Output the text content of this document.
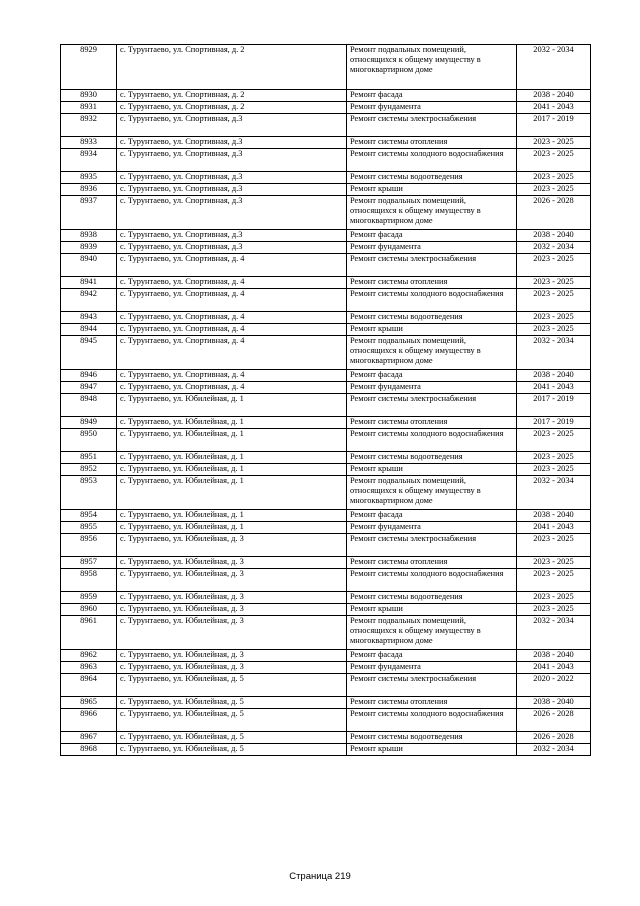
8929	с. Турунтаево, ул. Спортивная, д. 2	Ремонт подвальных помещений, относящихся к общему имуществу в многоквартирном доме	2032 - 2034
8930	с. Турунтаево, ул. Спортивная, д. 2	Ремонт фасада	2038 - 2040
8931	с. Турунтаево, ул. Спортивная, д. 2	Ремонт фундамента	2041 - 2043
8932	с. Турунтаево, ул. Спортивная, д.3	Ремонт системы электроснабжения	2017 - 2019
8933	с. Турунтаево, ул. Спортивная, д.3	Ремонт системы отопления	2023 - 2025
8934	с. Турунтаево, ул. Спортивная, д.3	Ремонт системы холодного водоснабжения	2023 - 2025
8935	с. Турунтаево, ул. Спортивная, д.3	Ремонт системы водоотведения	2023 - 2025
8936	с. Турунтаево, ул. Спортивная, д.3	Ремонт крыши	2023 - 2025
8937	с. Турунтаево, ул. Спортивная, д.3	Ремонт подвальных помещений, относящихся к общему имуществу в многоквартирном доме	2026 - 2028
8938	с. Турунтаево, ул. Спортивная, д.3	Ремонт фасада	2038 - 2040
8939	с. Турунтаево, ул. Спортивная, д.3	Ремонт фундамента	2032 - 2034
8940	с. Турунтаево, ул. Спортивная, д. 4	Ремонт системы электроснабжения	2023 - 2025
8941	с. Турунтаево, ул. Спортивная, д. 4	Ремонт системы отопления	2023 - 2025
8942	с. Турунтаево, ул. Спортивная, д. 4	Ремонт системы холодного водоснабжения	2023 - 2025
8943	с. Турунтаево, ул. Спортивная, д. 4	Ремонт системы водоотведения	2023 - 2025
8944	с. Турунтаево, ул. Спортивная, д. 4	Ремонт крыши	2023 - 2025
8945	с. Турунтаево, ул. Спортивная, д. 4	Ремонт подвальных помещений, относящихся к общему имуществу в многоквартирном доме	2032 - 2034
8946	с. Турунтаево, ул. Спортивная, д. 4	Ремонт фасада	2038 - 2040
8947	с. Турунтаево, ул. Спортивная, д. 4	Ремонт фундамента	2041 - 2043
8948	с. Турунтаево, ул. Юбилейная, д. 1	Ремонт системы электроснабжения	2017 - 2019
8949	с. Турунтаево, ул. Юбилейная, д. 1	Ремонт системы отопления	2017 - 2019
8950	с. Турунтаево, ул. Юбилейная, д. 1	Ремонт системы холодного водоснабжения	2023 - 2025
8951	с. Турунтаево, ул. Юбилейная, д. 1	Ремонт системы водоотведения	2023 - 2025
8952	с. Турунтаево, ул. Юбилейная, д. 1	Ремонт крыши	2023 - 2025
8953	с. Турунтаево, ул. Юбилейная, д. 1	Ремонт подвальных помещений, относящихся к общему имуществу в многоквартирном доме	2032 - 2034
8954	с. Турунтаево, ул. Юбилейная, д. 1	Ремонт фасада	2038 - 2040
8955	с. Турунтаево, ул. Юбилейная, д. 1	Ремонт фундамента	2041 - 2043
8956	с. Турунтаево, ул. Юбилейная, д. 3	Ремонт системы электроснабжения	2023 - 2025
8957	с. Турунтаево, ул. Юбилейная, д. 3	Ремонт системы отопления	2023 - 2025
8958	с. Турунтаево, ул. Юбилейная, д. 3	Ремонт системы холодного водоснабжения	2023 - 2025
8959	с. Турунтаево, ул. Юбилейная, д. 3	Ремонт системы водоотведения	2023 - 2025
8960	с. Турунтаево, ул. Юбилейная, д. 3	Ремонт крыши	2023 - 2025
8961	с. Турунтаево, ул. Юбилейная, д. 3	Ремонт подвальных помещений, относящихся к общему имуществу в многоквартирном доме	2032 - 2034
8962	с. Турунтаево, ул. Юбилейная, д. 3	Ремонт фасада	2038 - 2040
8963	с. Турунтаево, ул. Юбилейная, д. 3	Ремонт фундамента	2041 - 2043
8964	с. Турунтаево, ул. Юбилейная, д. 5	Ремонт системы электроснабжения	2020 - 2022
8965	с. Турунтаево, ул. Юбилейная, д. 5	Ремонт системы отопления	2038 - 2040
8966	с. Турунтаево, ул. Юбилейная, д. 5	Ремонт системы холодного водоснабжения	2026 - 2028
8967	с. Турунтаево, ул. Юбилейная, д. 5	Ремонт системы водоотведения	2026 - 2028
8968	с. Турунтаево, ул. Юбилейная, д. 5	Ремонт крыши	2032 - 2034
Страница 219
